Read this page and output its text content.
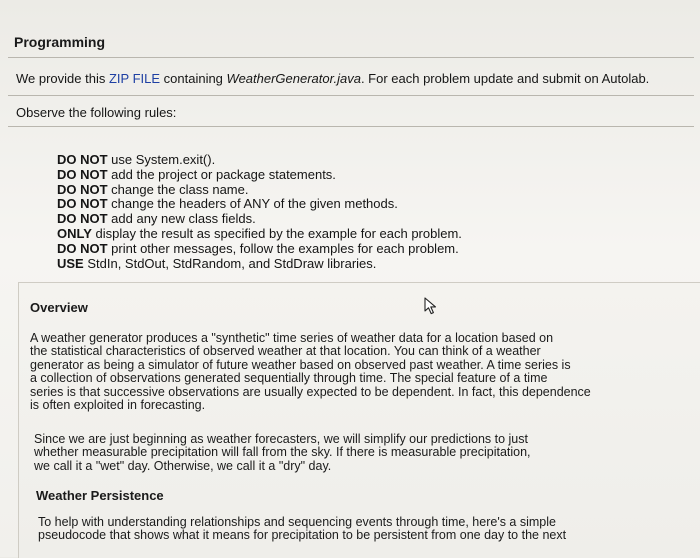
Programming
We provide this ZIP FILE containing WeatherGenerator.java. For each problem update and submit on Autolab.
Observe the following rules:
DO NOT use System.exit().
DO NOT add the project or package statements.
DO NOT change the class name.
DO NOT change the headers of ANY of the given methods.
DO NOT add any new class fields.
ONLY display the result as specified by the example for each problem.
DO NOT print other messages, follow the examples for each problem.
USE StdIn, StdOut, StdRandom, and StdDraw libraries.
Overview
A weather generator produces a "synthetic" time series of weather data for a location based on
the statistical characteristics of observed weather at that location. You can think of a weather
generator as being a simulator of future weather based on observed past weather. A time series is
a collection of observations generated sequentially through time. The special feature of a time
series is that successive observations are usually expected to be dependent. In fact, this dependence
is often exploited in forecasting.
Since we are just beginning as weather forecasters, we will simplify our predictions to just
whether measurable precipitation will fall from the sky. If there is measurable precipitation,
we call it a "wet" day. Otherwise, we call it a "dry" day.
Weather Persistence
To help with understanding relationships and sequencing events through time, here's a simple
pseudocode that shows what it means for precipitation to be persistent from one day to the next
